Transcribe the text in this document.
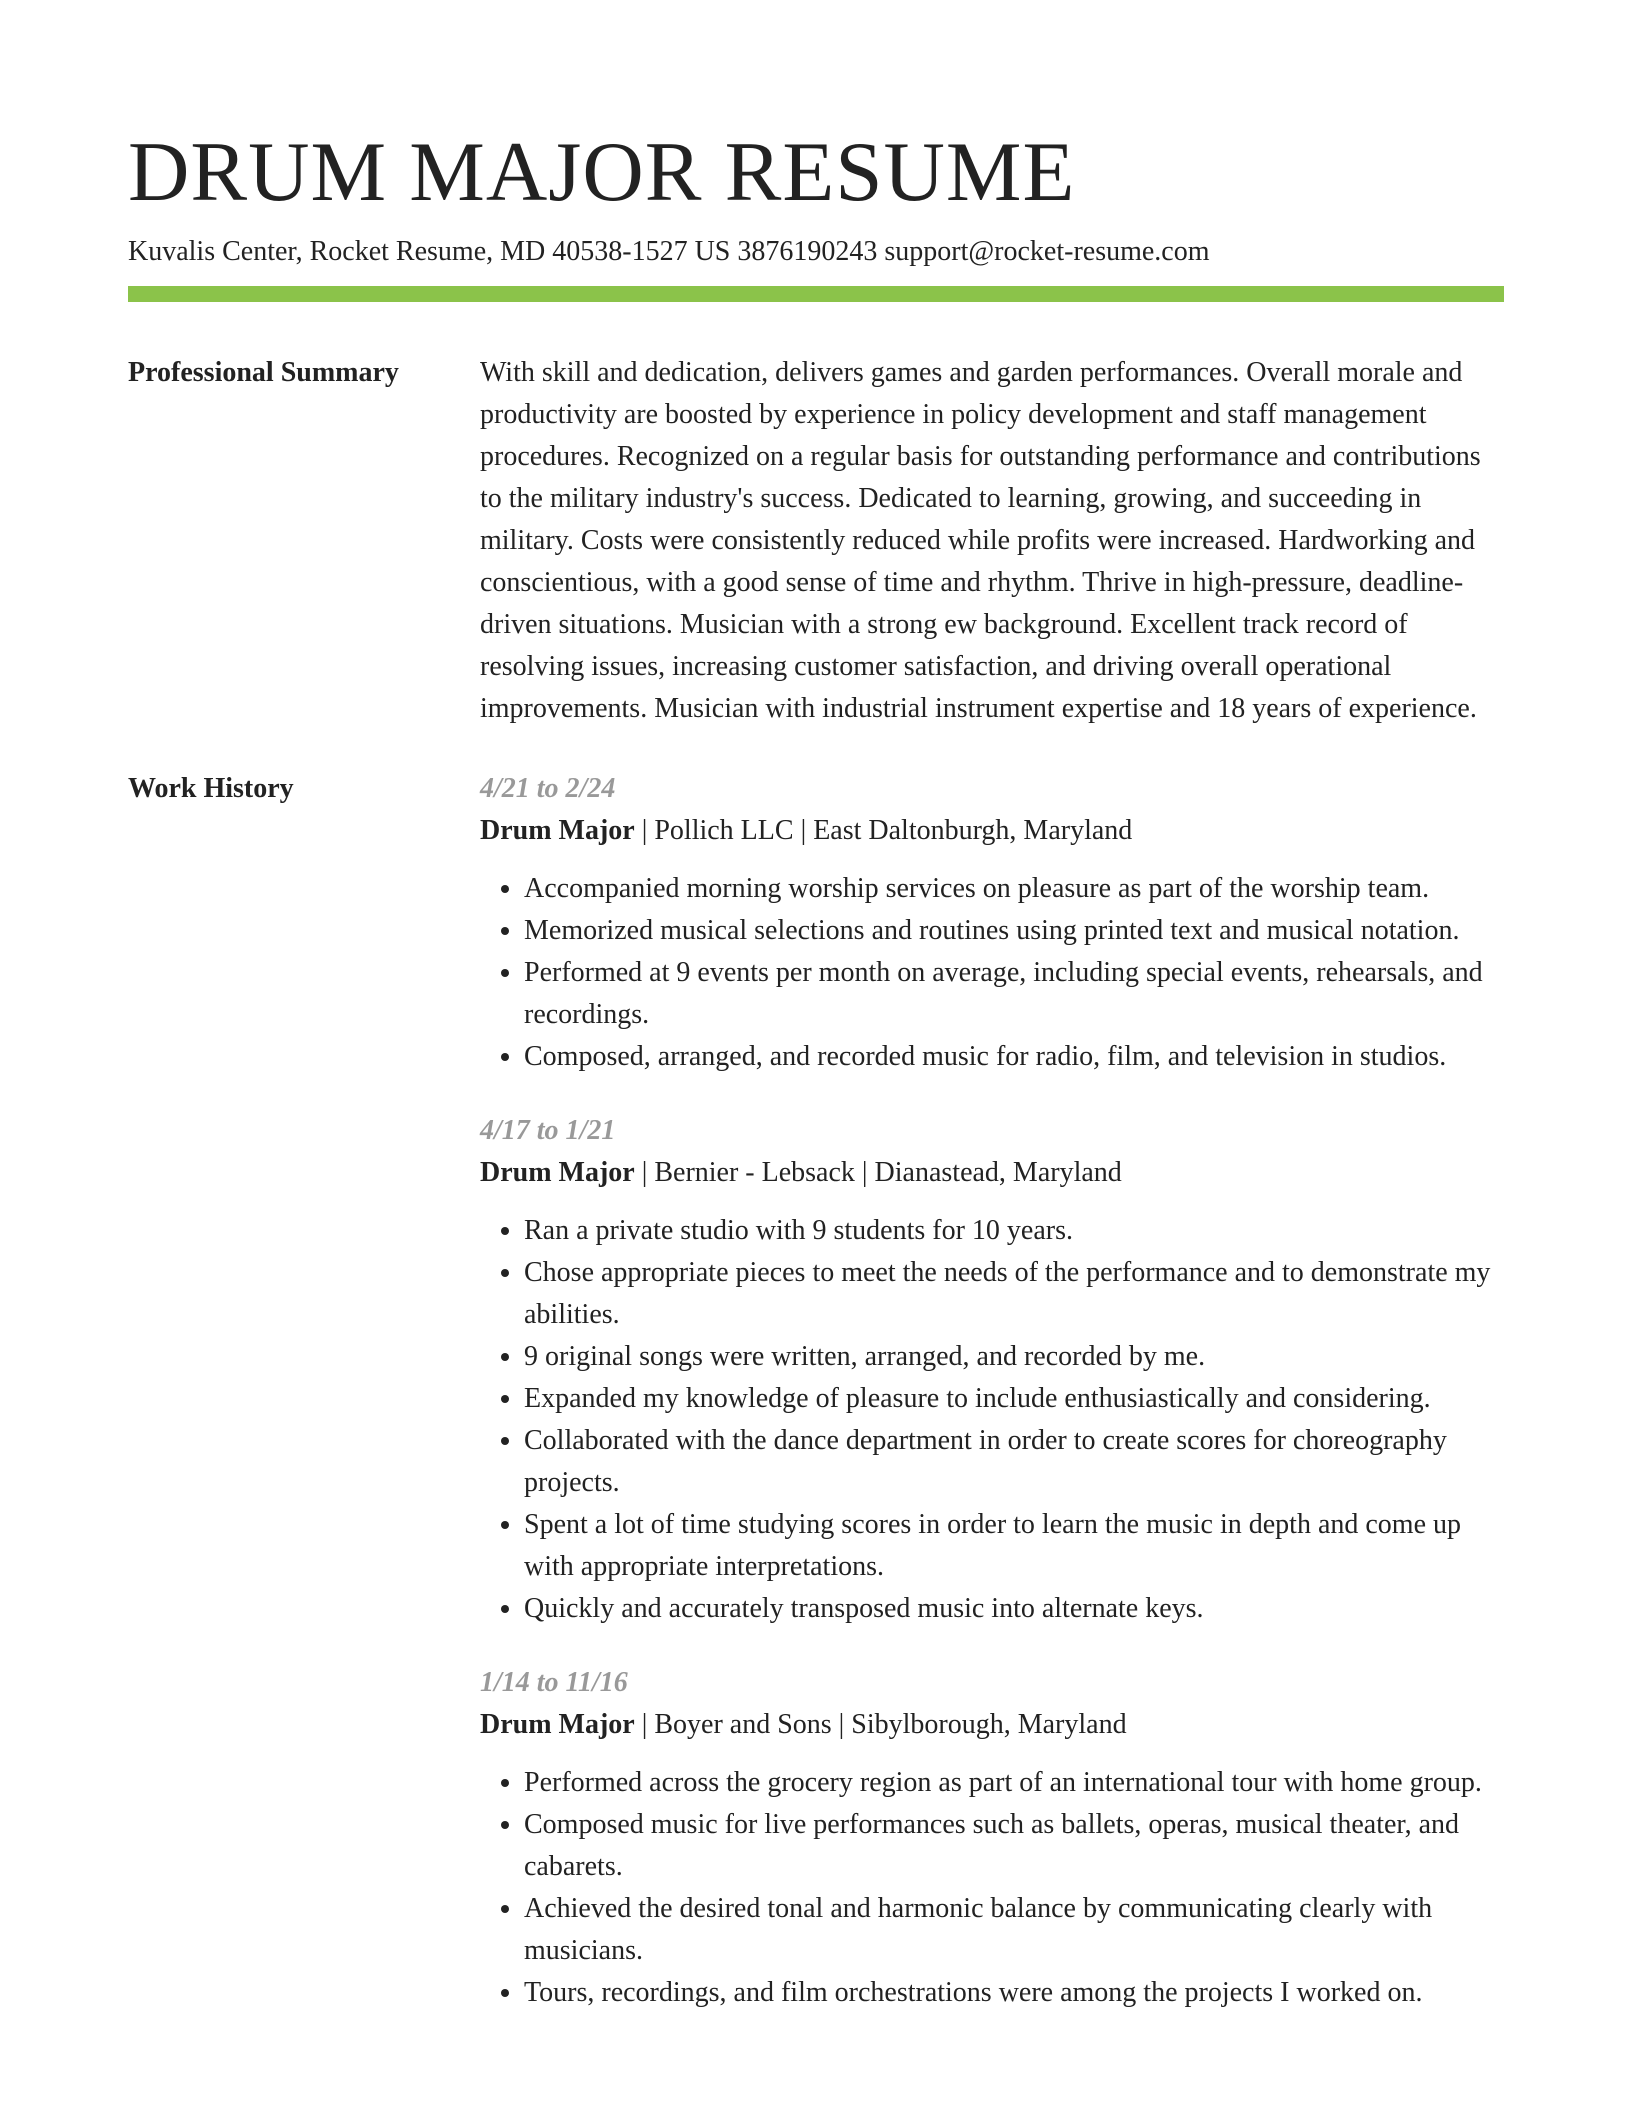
DRUM MAJOR RESUME
Kuvalis Center, Rocket Resume, MD 40538-1527 US 3876190243 support@rocket-resume.com
Professional Summary	With skill and dedication, delivers games and garden performances. Overall morale and productivity are boosted by experience in policy development and staff management procedures. Recognized on a regular basis for outstanding performance and contributions to the military industry's success. Dedicated to learning, growing, and succeeding in military. Costs were consistently reduced while profits were increased. Hardworking and conscientious, with a good sense of time and rhythm. Thrive in high-pressure, deadline-driven situations. Musician with a strong ew background. Excellent track record of resolving issues, increasing customer satisfaction, and driving overall operational improvements. Musician with industrial instrument expertise and 18 years of experience.

Work History	4/21 to 2/24
Drum Major | Pollich LLC | East Daltonburgh, Maryland
• Accompanied morning worship services on pleasure as part of the worship team.
• Memorized musical selections and routines using printed text and musical notation.
• Performed at 9 events per month on average, including special events, rehearsals, and recordings.
• Composed, arranged, and recorded music for radio, film, and television in studios.
4/17 to 1/21
Drum Major | Bernier - Lebsack | Dianastead, Maryland
• Ran a private studio with 9 students for 10 years.
• Chose appropriate pieces to meet the needs of the performance and to demonstrate my abilities.
• 9 original songs were written, arranged, and recorded by me.
• Expanded my knowledge of pleasure to include enthusiastically and considering.
• Collaborated with the dance department in order to create scores for choreography projects.
• Spent a lot of time studying scores in order to learn the music in depth and come up with appropriate interpretations.
• Quickly and accurately transposed music into alternate keys.
1/14 to 11/16
Drum Major | Boyer and Sons | Sibylborough, Maryland
• Performed across the grocery region as part of an international tour with home group.
• Composed music for live performances such as ballets, operas, musical theater, and cabarets.
• Achieved the desired tonal and harmonic balance by communicating clearly with musicians.
• Tours, recordings, and film orchestrations were among the projects I worked on.
